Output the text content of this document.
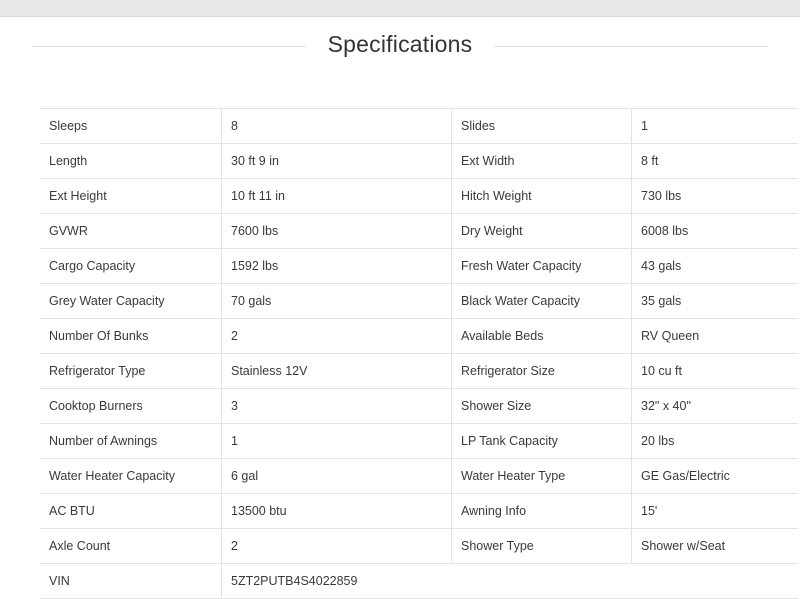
Specifications
Sleeps	8	Slides	1
Length	30 ft 9 in	Ext Width	8 ft
Ext Height	10 ft 11 in	Hitch Weight	730 lbs
GVWR	7600 lbs	Dry Weight	6008 lbs
Cargo Capacity	1592 lbs	Fresh Water Capacity	43 gals
Grey Water Capacity	70 gals	Black Water Capacity	35 gals
Number Of Bunks	2	Available Beds	RV Queen
Refrigerator Type	Stainless 12V	Refrigerator Size	10 cu ft
Cooktop Burners	3	Shower Size	32" x 40"
Number of Awnings	1	LP Tank Capacity	20 lbs
Water Heater Capacity	6 gal	Water Heater Type	GE Gas/Electric
AC BTU	13500 btu	Awning Info	15'
Axle Count	2	Shower Type	Shower w/Seat
VIN	5ZT2PUTB4S4022859		
